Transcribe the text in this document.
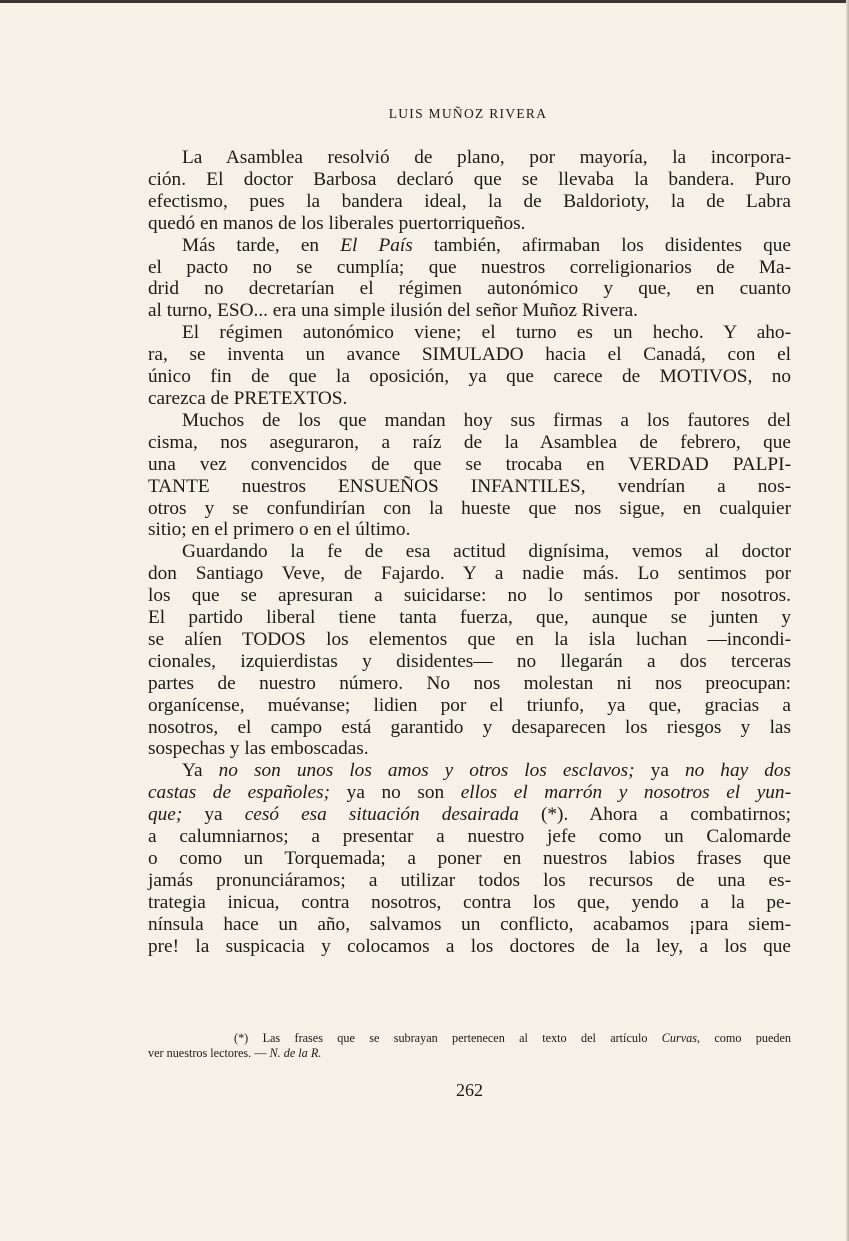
LUIS MUÑOZ RIVERA
La Asamblea resolvió de plano, por mayoría, la incorpora-
ción. El doctor Barbosa declaró que se llevaba la bandera. Puro
efectismo, pues la bandera ideal, la de Baldorioty, la de Labra
quedó en manos de los liberales puertorriqueños.
Más tarde, en El País también, afirmaban los disidentes que
el pacto no se cumplía; que nuestros correligionarios de Ma-
drid no decretarían el régimen autonómico y que, en cuanto
al turno, ESO... era una simple ilusión del señor Muñoz Rivera.
El régimen autonómico viene; el turno es un hecho. Y aho-
ra, se inventa un avance SIMULADO hacia el Canadá, con el
único fin de que la oposición, ya que carece de MOTIVOS, no
carezca de PRETEXTOS.
Muchos de los que mandan hoy sus firmas a los fautores del
cisma, nos aseguraron, a raíz de la Asamblea de febrero, que
una vez convencidos de que se trocaba en VERDAD PALPI-
TANTE nuestros ENSUEÑOS INFANTILES, vendrían a nos-
otros y se confundirían con la hueste que nos sigue, en cualquier
sitio; en el primero o en el último.
Guardando la fe de esa actitud dignísima, vemos al doctor
don Santiago Veve, de Fajardo. Y a nadie más. Lo sentimos por
los que se apresuran a suicidarse: no lo sentimos por nosotros.
El partido liberal tiene tanta fuerza, que, aunque se junten y
se alíen TODOS los elementos que en la isla luchan —incondi-
cionales, izquierdistas y disidentes— no llegarán a dos terceras
partes de nuestro número. No nos molestan ni nos preocupan:
organícense, muévanse; lidien por el triunfo, ya que, gracias a
nosotros, el campo está garantido y desaparecen los riesgos y las
sospechas y las emboscadas.
Ya no son unos los amos y otros los esclavos; ya no hay dos
castas de españoles; ya no son ellos el marrón y nosotros el yun-
que; ya cesó esa situación desairada (*). Ahora a combatirnos;
a calumniarnos; a presentar a nuestro jefe como un Calomarde
o como un Torquemada; a poner en nuestros labios frases que
jamás pronunciáramos; a utilizar todos los recursos de una es-
trategia inicua, contra nosotros, contra los que, yendo a la pe-
nínsula hace un año, salvamos un conflicto, acabamos ¡para siem-
pre! la suspicacia y colocamos a los doctores de la ley, a los que
(*) Las frases que se subrayan pertenecen al texto del artículo Curvas, como pueden
ver nuestros lectores. — N. de la R.
262
